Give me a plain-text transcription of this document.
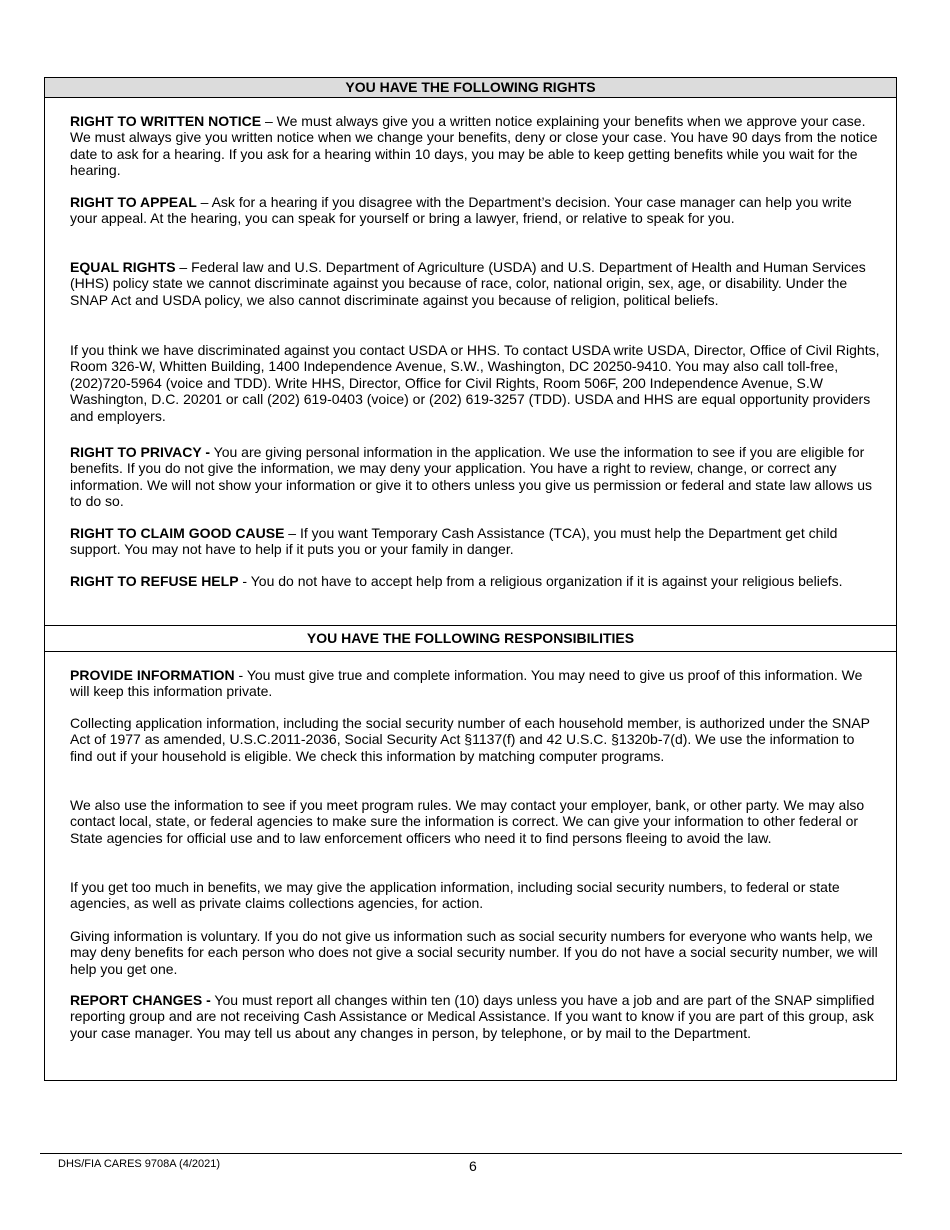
YOU HAVE THE FOLLOWING RIGHTS

RIGHT TO WRITTEN NOTICE – We must always give you a written notice explaining your benefits when we approve your case. We must always give you written notice when we change your benefits, deny or close your case. You have 90 days from the notice date to ask for a hearing. If you ask for a hearing within 10 days, you may be able to keep getting benefits while you wait for the hearing.

RIGHT TO APPEAL – Ask for a hearing if you disagree with the Department’s decision. Your case manager can help you write your appeal. At the hearing, you can speak for yourself or bring a lawyer, friend, or relative to speak for you.

EQUAL RIGHTS – Federal law and U.S. Department of Agriculture (USDA) and U.S. Department of Health and Human Services (HHS) policy state we cannot discriminate against you because of race, color, national origin, sex, age, or disability. Under the SNAP Act and USDA policy, we also cannot discriminate against you because of religion, political beliefs.

If you think we have discriminated against you contact USDA or HHS. To contact USDA write USDA, Director, Office of Civil Rights, Room 326-W, Whitten Building, 1400 Independence Avenue, S.W., Washington, DC 20250-9410. You may also call toll-free, (202)720-5964 (voice and TDD). Write HHS, Director, Office for Civil Rights, Room 506F, 200 Independence Avenue, S.W Washington, D.C. 20201 or call (202) 619-0403 (voice) or (202) 619-3257 (TDD). USDA and HHS are equal opportunity providers and employers.

RIGHT TO PRIVACY - You are giving personal information in the application. We use the information to see if you are eligible for benefits. If you do not give the information, we may deny your application. You have a right to review, change, or correct any information. We will not show your information or give it to others unless you give us permission or federal and state law allows us to do so.

RIGHT TO CLAIM GOOD CAUSE – If you want Temporary Cash Assistance (TCA), you must help the Department get child support. You may not have to help if it puts you or your family in danger.

RIGHT TO REFUSE HELP - You do not have to accept help from a religious organization if it is against your religious beliefs.

YOU HAVE THE FOLLOWING RESPONSIBILITIES

PROVIDE INFORMATION - You must give true and complete information. You may need to give us proof of this information. We will keep this information private.

Collecting application information, including the social security number of each household member, is authorized under the SNAP Act of 1977 as amended, U.S.C.2011-2036, Social Security Act §1137(f) and 42 U.S.C. §1320b-7(d). We use the information to find out if your household is eligible. We check this information by matching computer programs.

We also use the information to see if you meet program rules. We may contact your employer, bank, or other party. We may also contact local, state, or federal agencies to make sure the information is correct. We can give your information to other federal or State agencies for official use and to law enforcement officers who need it to find persons fleeing to avoid the law.

If you get too much in benefits, we may give the application information, including social security numbers, to federal or state agencies, as well as private claims collections agencies, for action.

Giving information is voluntary. If you do not give us information such as social security numbers for everyone who wants help, we may deny benefits for each person who does not give a social security number. If you do not have a social security number, we will help you get one.

REPORT CHANGES - You must report all changes within ten (10) days unless you have a job and are part of the SNAP simplified reporting group and are not receiving Cash Assistance or Medical Assistance. If you want to know if you are part of this group, ask your case manager. You may tell us about any changes in person, by telephone, or by mail to the Department.

DHS/FIA CARES 9708A (4/2021)	6
